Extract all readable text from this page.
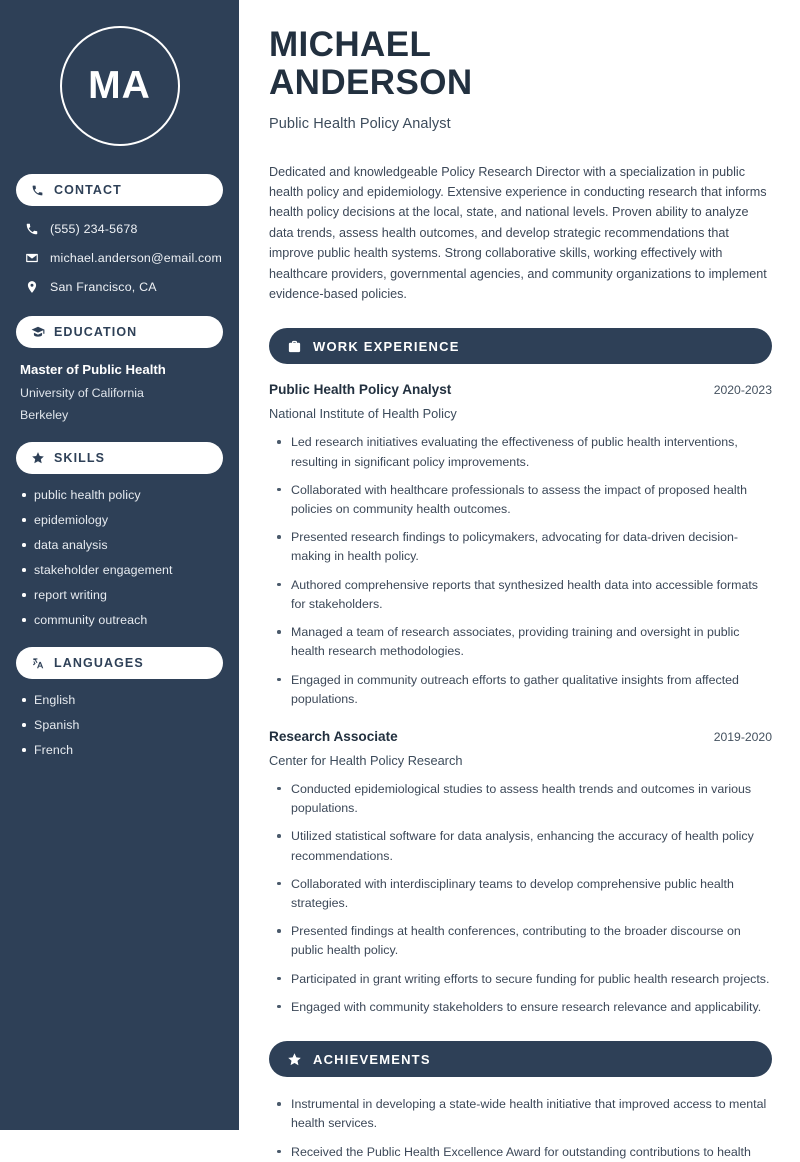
MA
CONTACT
(555) 234-5678
michael.anderson@email.com
San Francisco, CA
EDUCATION
Master of Public Health
University of California
Berkeley
SKILLS
public health policy
epidemiology
data analysis
stakeholder engagement
report writing
community outreach
LANGUAGES
English
Spanish
French
MICHAEL
ANDERSON
Public Health Policy Analyst

Dedicated and knowledgeable Policy Research Director with a specialization in public health policy and epidemiology. Extensive experience in conducting research that informs health policy decisions at the local, state, and national levels. Proven ability to analyze data trends, assess health outcomes, and develop strategic recommendations that improve public health systems. Strong collaborative skills, working effectively with healthcare providers, governmental agencies, and community organizations to implement evidence-based policies.

WORK EXPERIENCE
Public Health Policy Analyst	2020-2023
National Institute of Health Policy
Led research initiatives evaluating the effectiveness of public health interventions, resulting in significant policy improvements.
Collaborated with healthcare professionals to assess the impact of proposed health policies on community health outcomes.
Presented research findings to policymakers, advocating for data-driven decision-making in health policy.
Authored comprehensive reports that synthesized health data into accessible formats for stakeholders.
Managed a team of research associates, providing training and oversight in public health research methodologies.
Engaged in community outreach efforts to gather qualitative insights from affected populations.
Research Associate	2019-2020
Center for Health Policy Research
Conducted epidemiological studies to assess health trends and outcomes in various populations.
Utilized statistical software for data analysis, enhancing the accuracy of health policy recommendations.
Collaborated with interdisciplinary teams to develop comprehensive public health strategies.
Presented findings at health conferences, contributing to the broader discourse on public health policy.
Participated in grant writing efforts to secure funding for public health research projects.
Engaged with community stakeholders to ensure research relevance and applicability.
ACHIEVEMENTS
Instrumental in developing a state-wide health initiative that improved access to mental health services.
Received the Public Health Excellence Award for outstanding contributions to health
